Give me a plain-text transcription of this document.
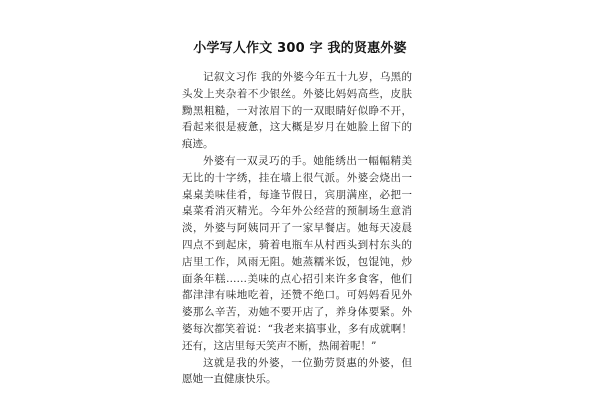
小学写人作文 300 字 我的贤惠外婆

记叙文习作 我的外婆今年五十九岁，乌黑的头发上夹杂着不少银丝。外婆比妈妈高些，皮肤黝黑粗糙，一对浓眉下的一双眼睛好似睁不开，看起来很是疲惫，这大概是岁月在她脸上留下的痕迹。

外婆有一双灵巧的手。她能绣出一幅幅精美无比的十字绣，挂在墙上很气派。外婆会烧出一桌桌美味佳肴，每逢节假日，宾朋满座，必把一桌菜肴消灭精光。今年外公经营的预制场生意消淡，外婆与阿姨同开了一家早餐店。她每天凌晨四点不到起床，骑着电瓶车从村西头到村东头的店里工作，风雨无阻。她蒸糯米饭，包馄饨，炒面条年糕……美味的点心招引来许多食客，他们都津津有味地吃着，还赞不绝口。可妈妈看见外婆那么辛苦，劝她不要开店了，养身体要紧。外婆每次都笑着说：“我老来搞事业，多有成就啊！还有，这店里每天笑声不断，热闹着呢！”

这就是我的外婆，一位勤劳贤惠的外婆，但愿她一直健康快乐。
